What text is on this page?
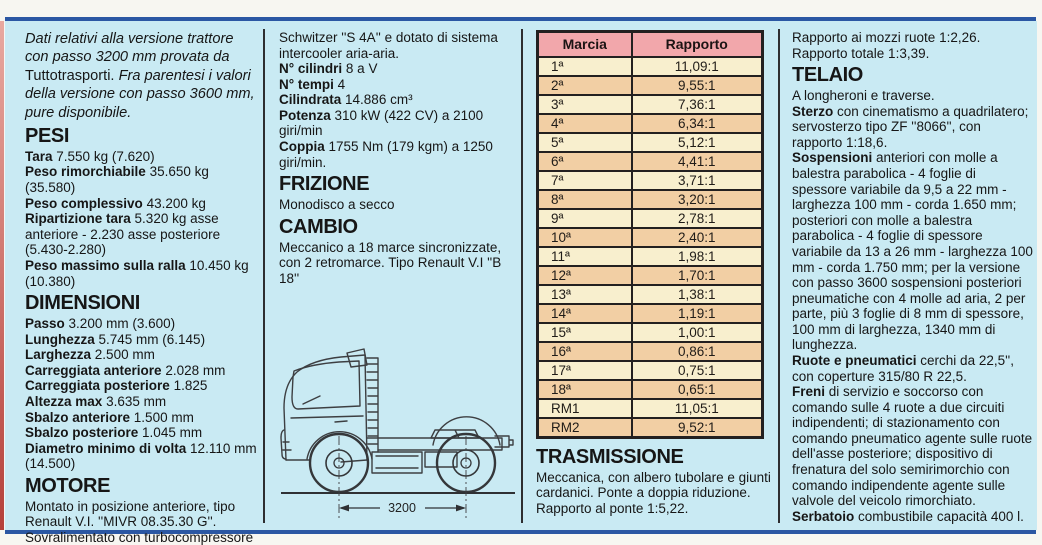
Dati relativi alla versione trattore con passo 3200 mm provata da Tuttotrasporti. Fra parentesi i valori della versione con passo 3600 mm, pure disponibile.

PESI

Tara 7.550 kg (7.620)

Peso rimorchiabile 35.650 kg (35.580)

Peso complessivo 43.200 kg

Ripartizione tara 5.320 kg asse anteriore - 2.230 asse posteriore (5.430-2.280)

Peso massimo sulla ralla 10.450 kg (10.380)

DIMENSIONI

Passo 3.200 mm (3.600)

Lunghezza 5.745 mm (6.145)

Larghezza 2.500 mm

Carreggiata anteriore 2.028 mm

Carreggiata posteriore 1.825

Altezza max 3.635 mm

Sbalzo anteriore 1.500 mm

Sbalzo posteriore 1.045 mm

Diametro minimo di volta 12.110 mm (14.500)

MOTORE

Montato in posizione anteriore, tipo Renault V.I. ''MIVR 08.35.30 G''. Sovralimentato con turbocompressore

Schwitzer ''S 4A'' e dotato di sistema intercooler aria-aria.

N° cilindri 8 a V

N° tempi 4

Cilindrata 14.886 cm³

Potenza 310 kW (422 CV) a 2100 giri/min

Coppia 1755 Nm (179 kgm) a 1250 giri/min.

FRIZIONE

Monodisco a secco

CAMBIO

Meccanico a 18 marce sincronizzate, con 2 retromarce. Tipo Renault V.I ''B 18''

3200
Marcia	Rapporto
1ª	11,09:1
2ª	9,55:1
3ª	7,36:1
4ª	6,34:1
5ª	5,12:1
6ª	4,41:1
7ª	3,71:1
8ª	3,20:1
9ª	2,78:1
10ª	2,40:1
11ª	1,98:1
12ª	1,70:1
13ª	1,38:1
14ª	1,19:1
15ª	1,00:1
16ª	0,86:1
17ª	0,75:1
18ª	0,65:1
RM1	11,05:1
RM2	9,52:1
TRASMISSIONE

Meccanica, con albero tubolare e giunti cardanici. Ponte a doppia riduzione. Rapporto al ponte 1:5,22.

Rapporto ai mozzi ruote 1:2,26.

Rapporto totale 1:3,39.

TELAIO

A longheroni e traverse.

Sterzo con cinematismo a quadrilatero; servosterzo tipo ZF ''8066'', con rapporto 1:18,6.

Sospensioni anteriori con molle a balestra parabolica - 4 foglie di spessore variabile da 9,5 a 22 mm - larghezza 100 mm - corda 1.650 mm; posteriori con molle a balestra parabolica - 4 foglie di spessore variabile da 13 a 26 mm - larghezza 100 mm - corda 1.750 mm; per la versione con passo 3600 sospensioni posteriori pneumatiche con 4 molle ad aria, 2 per parte, più 3 foglie di 8 mm di spessore, 100 mm di larghezza, 1340 mm di lunghezza.

Ruote e pneumatici cerchi da 22,5'', con coperture 315/80 R 22,5.

Freni di servizio e soccorso con comando sulle 4 ruote a due circuiti indipendenti; di stazionamento con comando pneumatico agente sulle ruote dell'asse posteriore; dispositivo di frenatura del solo semirimorchio con comando indipendente agente sulle valvole del veicolo rimorchiato.

Serbatoio combustibile capacità 400 l.
